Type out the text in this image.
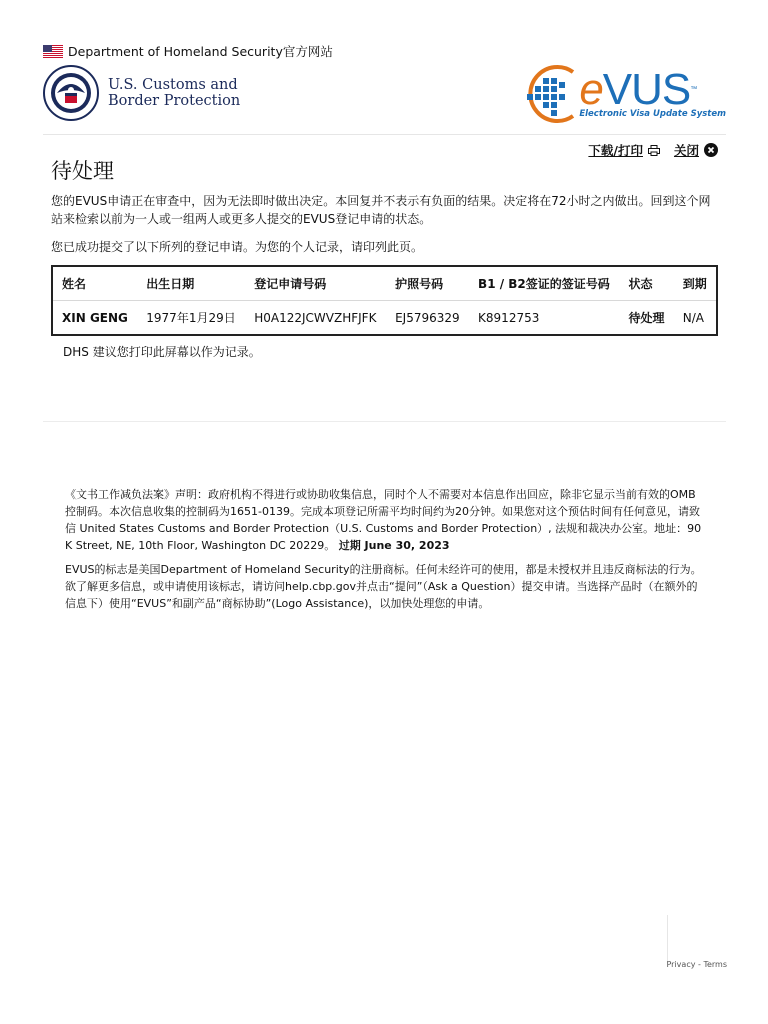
Department of Homeland Security官方网站
U.S. Customs and
Border Protection	eVUS™
Electronic Visa Update System
下载/打印 关闭
待处理

您的EVUS申请正在审查中，因为无法即时做出决定。本回复并不表示有负面的结果。决定将在72小时之内做出。回到这个网站来检索以前为一人或一组两人或更多人提交的EVUS登记申请的状态。

您已成功提交了以下所列的登记申请。为您的个人记录，请印列此页。

姓名	出生日期	登记申请号码	护照号码	B1 / B2签证的签证号码	状态	到期
XIN GENG	1977年1月29日	H0A122JCWVZHFJFK	EJ5796329	K8912753	待处理	N/A

DHS 建议您打印此屏幕以作为记录。

《文书工作减负法案》声明：政府机构不得进行或协助收集信息，同时个人不需要对本信息作出回应，除非它显示当前有效的OMB控制码。本次信息收集的控制码为1651-0139。完成本项登记所需平均时间约为20分钟。如果您对这个预估时间有任何意见，请致信 United States Customs and Border Protection（U.S. Customs and Border Protection）, 法规和裁决办公室。地址：90 K Street, NE, 10th Floor, Washington DC 20229。 过期 June 30, 2023

EVUS的标志是美国Department of Homeland Security的注册商标。任何未经许可的使用，都是未授权并且违反商标法的行为。欲了解更多信息，或申请使用该标志，请访问help.cbp.gov并点击“提问”（Ask a Question）提交申请。当选择产品时（在额外的信息下）使用“EVUS”和副产品“商标协助”(Logo Assistance)，以加快处理您的申请。

Privacy - Terms
